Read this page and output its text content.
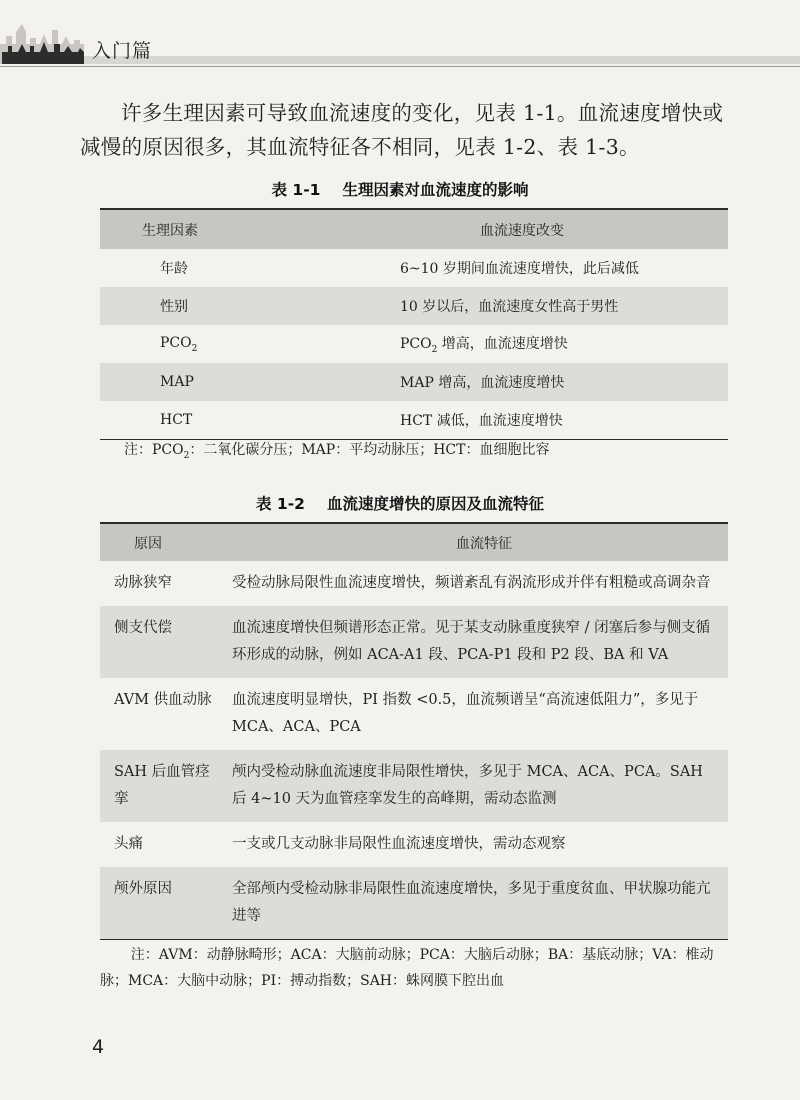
入门篇

许多生理因素可导致血流速度的变化，见表 1-1。血流速度增快或减慢的原因很多，其血流特征各不相同，见表 1-2、表 1-3。

表 1-1 生理因素对血流速度的影响
生理因素	血流速度改变
年龄	6~10 岁期间血流速度增快，此后减低
性别	10 岁以后，血流速度女性高于男性
$PCO_2$	$PCO_2$ 增高，血流速度增快
MAP	MAP 增高，血流速度增快
HCT	HCT 减低，血流速度增快
注：$PCO_2$：二氧化碳分压；MAP：平均动脉压；HCT：血细胞比容
表 1-2 血流速度增快的原因及血流特征
原因	血流特征
动脉狭窄	受检动脉局限性血流速度增快，频谱紊乱有涡流形成并伴有粗糙或高调杂音
侧支代偿	血流速度增快但频谱形态正常。见于某支动脉重度狭窄 / 闭塞后参与侧支循环形成的动脉，例如 ACA-A1 段、PCA-P1 段和 P2 段、BA 和 VA
AVM 供血动脉	血流速度明显增快，PI 指数 <0.5，血流频谱呈“高流速低阻力”，多见于 MCA、ACA、PCA
SAH 后血管痉挛	颅内受检动脉血流速度非局限性增快，多见于 MCA、ACA、PCA。SAH 后 4~10 天为血管痉挛发生的高峰期，需动态监测
头痛	一支或几支动脉非局限性血流速度增快，需动态观察
颅外原因	全部颅内受检动脉非局限性血流速度增快，多见于重度贫血、甲状腺功能亢进等
注：AVM：动静脉畸形；ACA：大脑前动脉；PCA：大脑后动脉；BA：基底动脉；VA：椎动脉；MCA：大脑中动脉；PI：搏动指数；SAH：蛛网膜下腔出血
4
